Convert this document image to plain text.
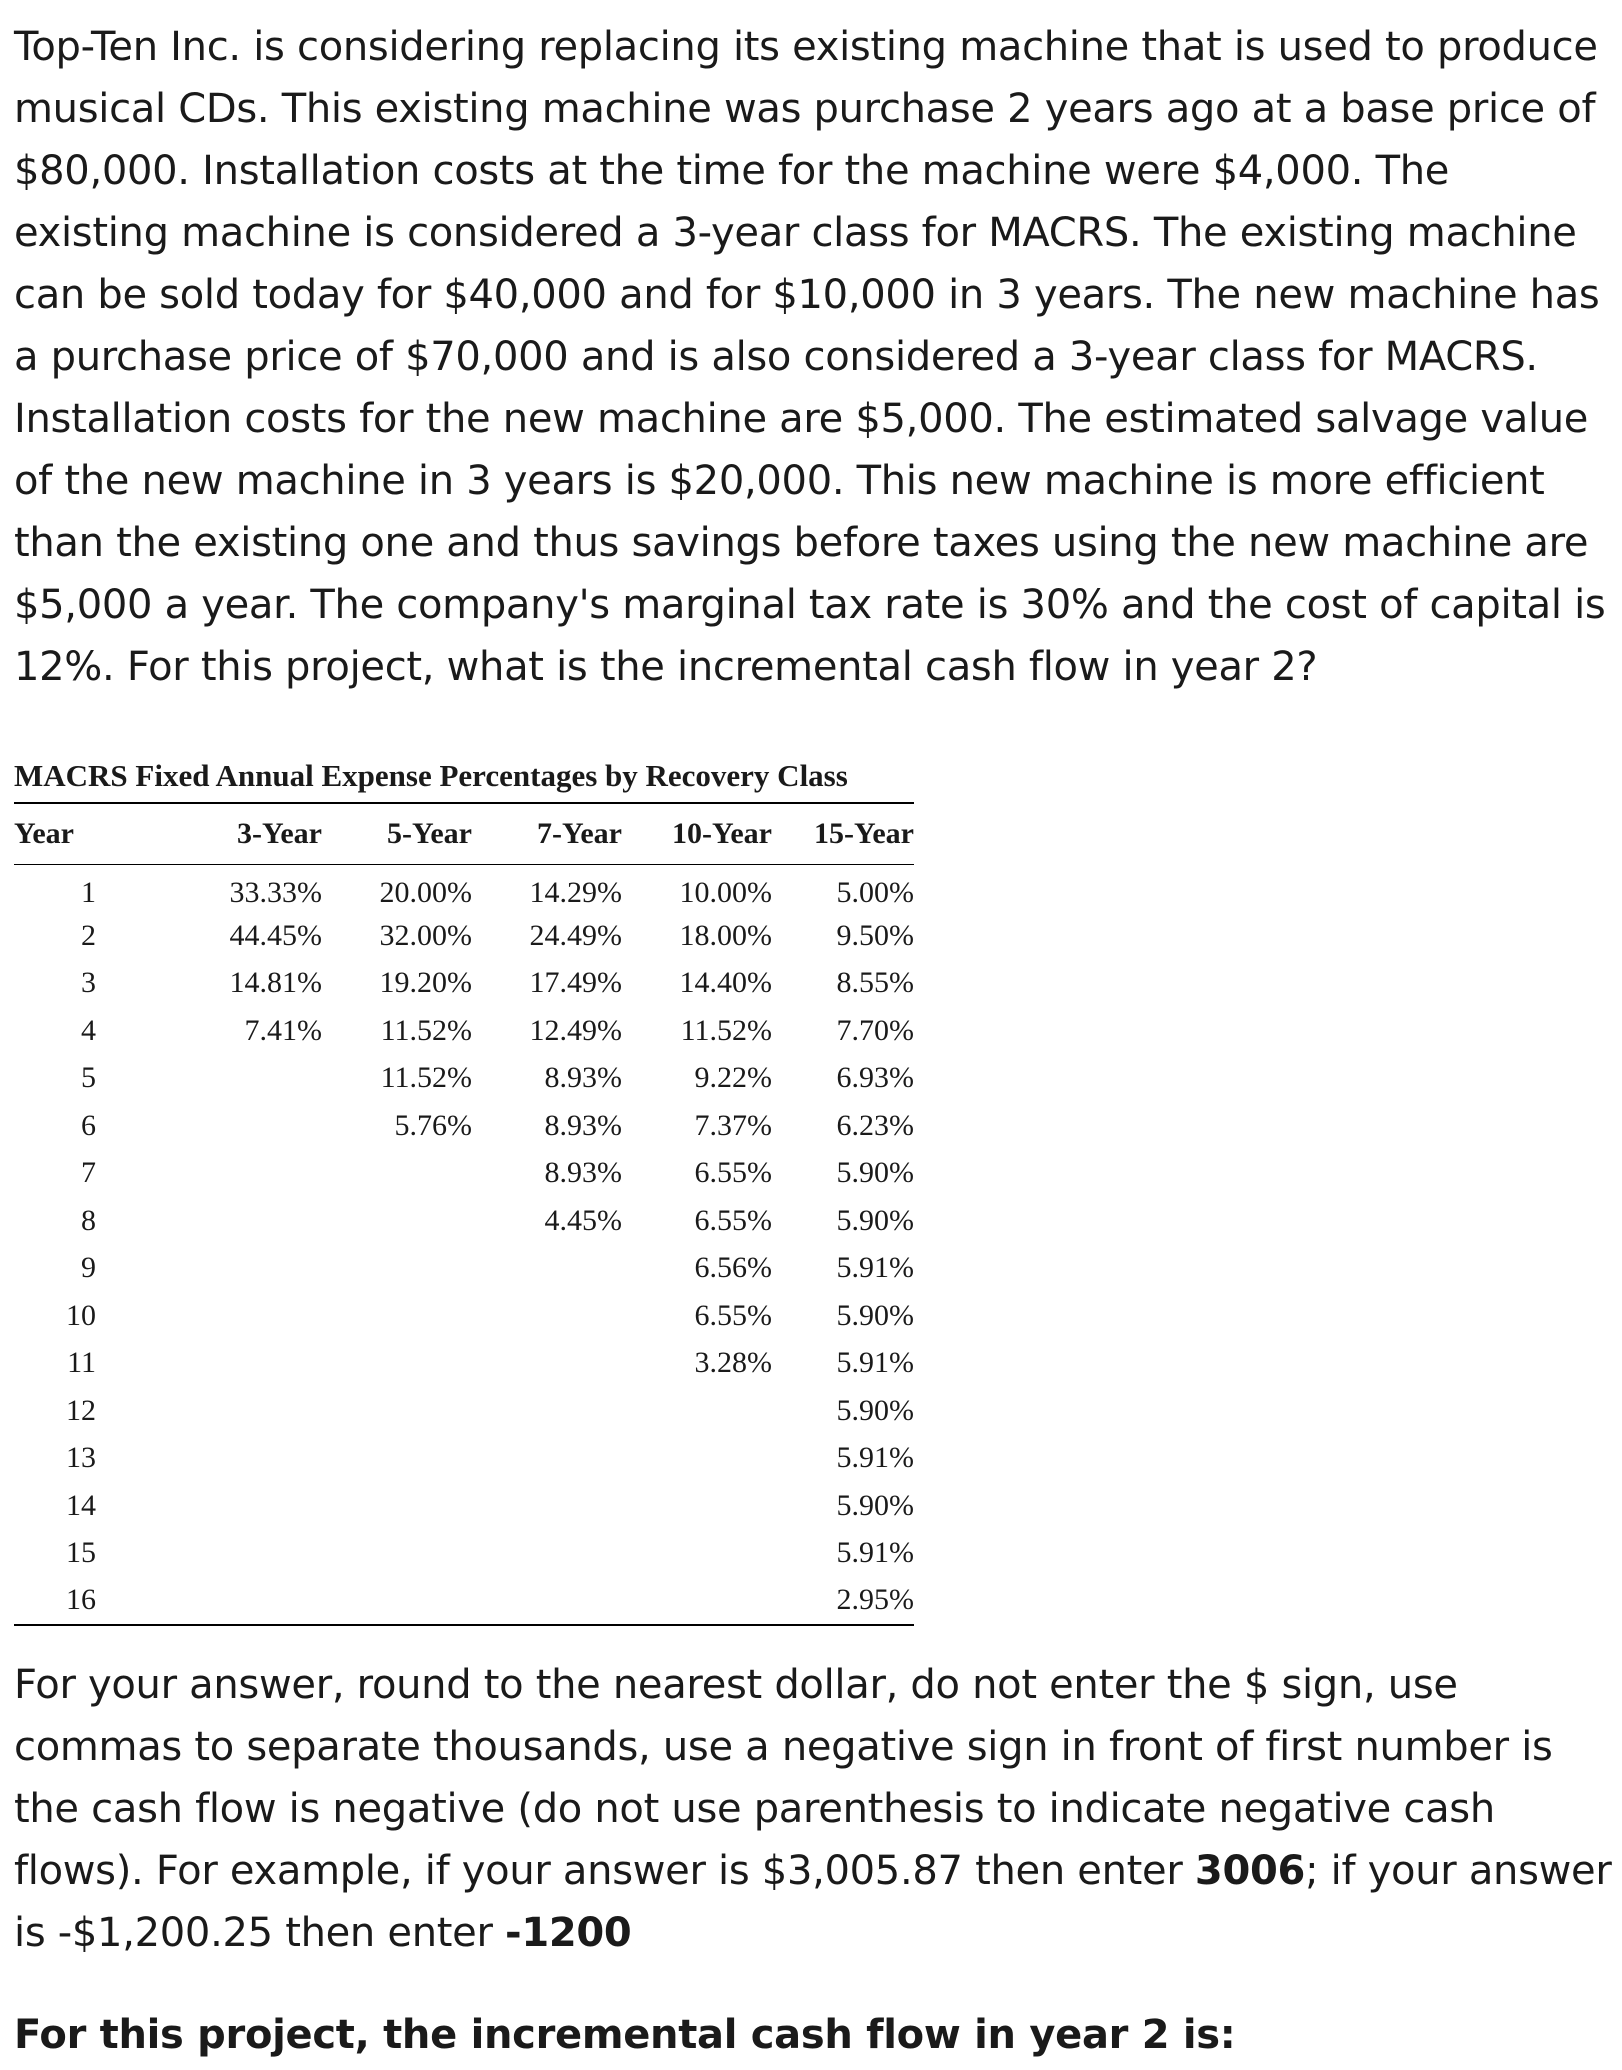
Top-Ten Inc. is considering replacing its existing machine that is used to produce musical CDs. This existing machine was purchase 2 years ago at a base price of $80,000. Installation costs at the time for the machine were $4,000. The existing machine is considered a 3-year class for MACRS. The existing machine can be sold today for $40,000 and for $10,000 in 3 years. The new machine has a purchase price of $70,000 and is also considered a 3-year class for MACRS. Installation costs for the new machine are $5,000. The estimated salvage value of the new machine in 3 years is $20,000. This new machine is more efficient than the existing one and thus savings before taxes using the new machine are $5,000 a year. The company's marginal tax rate is 30% and the cost of capital is 12%. For this project, what is the incremental cash flow in year 2?

MACRS Fixed Annual Expense Percentages by Recovery Class
Year	3-Year	5-Year	7-Year	10-Year	15-Year
1	33.33%	20.00%	14.29%	10.00%	5.00%
2	44.45%	32.00%	24.49%	18.00%	9.50%
3	14.81%	19.20%	17.49%	14.40%	8.55%
4	7.41%	11.52%	12.49%	11.52%	7.70%
5		11.52%	8.93%	9.22%	6.93%
6		5.76%	8.93%	7.37%	6.23%
7			8.93%	6.55%	5.90%
8			4.45%	6.55%	5.90%
9				6.56%	5.91%
10				6.55%	5.90%
11				3.28%	5.91%
12					5.90%
13					5.91%
14					5.90%
15					5.91%
16					2.95%

For your answer, round to the nearest dollar, do not enter the $ sign, use commas to separate thousands, use a negative sign in front of first number is the cash flow is negative (do not use parenthesis to indicate negative cash flows). For example, if your answer is $3,005.87 then enter 3006; if your answer is -$1,200.25 then enter -1200

For this project, the incremental cash flow in year 2 is:
